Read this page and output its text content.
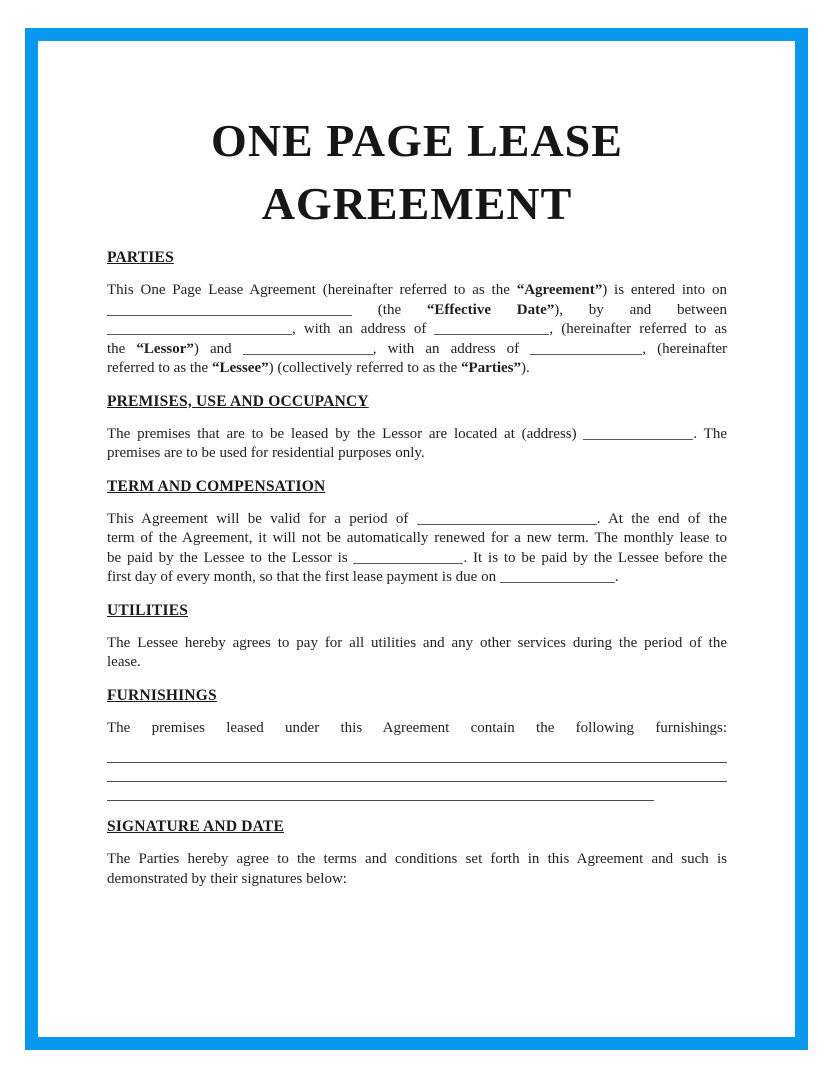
ONE PAGE LEASE
AGREEMENT
PARTIES
This One Page Lease Agreement (hereinafter referred to as the “Agreement”) is entered into on
(the “Effective Date”), by and between
, with an address of	, (hereinafter referred to as
the “Lessor”) and	, with an address of	, (hereinafter
referred to as the “Lessee”) (collectively referred to as the “Parties”).
PREMISES, USE AND OCCUPANCY
The premises that are to be leased by the Lessor are located at (address)	. The
premises are to be used for residential purposes only.
TERM AND COMPENSATION
This Agreement will be valid for a period of	. At the end of the
term of the Agreement, it will not be automatically renewed for a new term. The monthly lease to
be paid by the Lessee to the Lessor is	. It is to be paid by the Lessee before the
first day of every month, so that the first lease payment is due on	.
UTILITIES
The Lessee hereby agrees to pay for all utilities and any other services during the period of the
lease.
FURNISHINGS
The premises leased under this Agreement contain the following furnishings:
SIGNATURE AND DATE
The Parties hereby agree to the terms and conditions set forth in this Agreement and such is
demonstrated by their signatures below:
